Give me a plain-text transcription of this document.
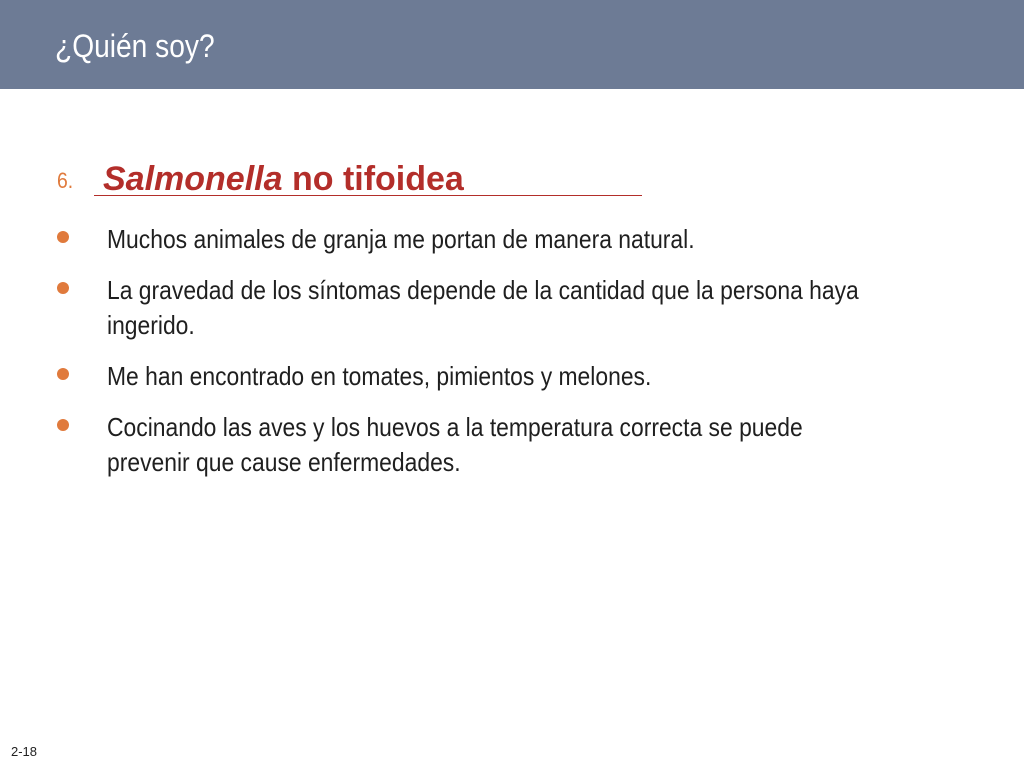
¿Quién soy?
6. Salmonella no tifoidea
Muchos animales de granja me portan de manera natural.
La gravedad de los síntomas depende de la cantidad que la persona haya ingerido.
Me han encontrado en tomates, pimientos y melones.
Cocinando las aves y los huevos a la temperatura correcta se puede prevenir que cause enfermedades.
2-18
